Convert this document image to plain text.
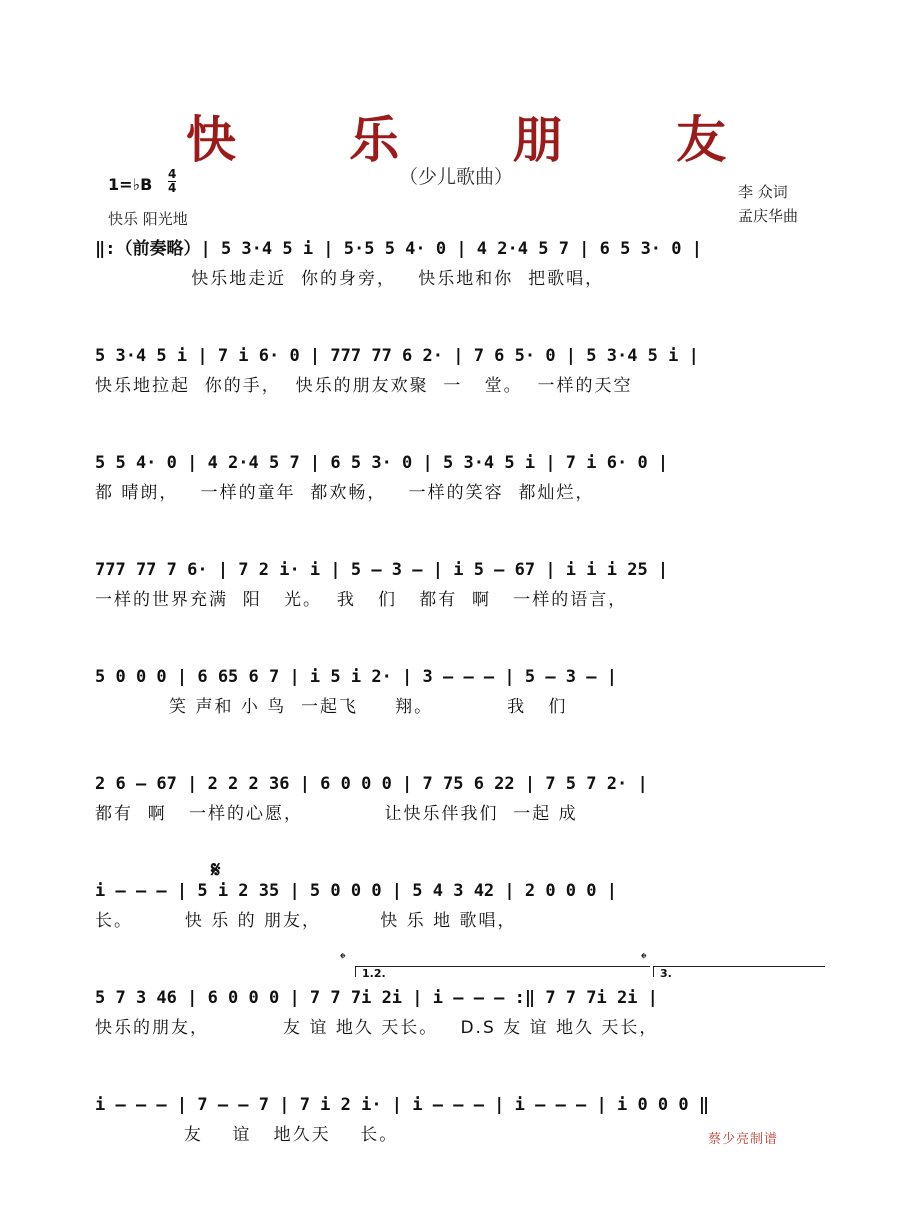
快 乐 朋 友
（少儿歌曲）
1=♭B
4
4
快乐 阳光地
李 众词
孟庆华曲
‖:（前奏略）| 5 3·4 5 i | 5·5 5 4· 0 | 4 2·4 5 7 | 6 5 3· 0 |
快乐地走近  你的身旁，   快乐地和你  把歌唱，
5 3·4 5 i | 7 i 6· 0 | 777 77 6 2· | 7 6 5· 0 | 5 3·4 5 i |
快乐地拉起  你的手，  快乐的朋友欢聚  一   堂。  一样的天空
5 5 4· 0 | 4 2·4 5 7 | 6 5 3· 0 | 5 3·4 5 i | 7 i 6· 0 |
都 晴朗，   一样的童年  都欢畅，   一样的笑容  都灿烂，
777 77 7 6· | 7 2 i· i | 5 — 3 — | i 5 — 67 | i i i 25 |
一样的世界充满  阳   光。  我   们   都有  啊   一样的语言，
5 0 0 0 | 6 65 6 7 | i 5 i 2· | 3 — — — | 5 — 3 — |
笑 声和 小 鸟  一起飞     翔。          我   们
2 6 — 67 | 2 2 2 36 | 6 0 0 0 | 7 75 6 22 | 7 5 7 2· |
都有  啊   一样的心愿，           让快乐伴我们  一起 成
𝄋
i — — — | 5 i 2 35 | 5 0 0 0 | 5 4 3 42 | 2 0 0 0 |
长。       快 乐 的 朋友，        快 乐 地 歌唱，
𝄌	𝄌
1.2.	3.
5 7 3 46 | 6 0 0 0 | 7 7 7i 2i | i — — — :‖ 7 7 7i 2i |
快乐的朋友，          友 谊 地久 天长。   D.S 友 谊 地久 天长，
i — — — | 7 — — 7 | 7 i 2 i· | i — — — | i — — — | i 0 0 0 ‖
友    谊   地久天    长。	蔡少亮制谱
